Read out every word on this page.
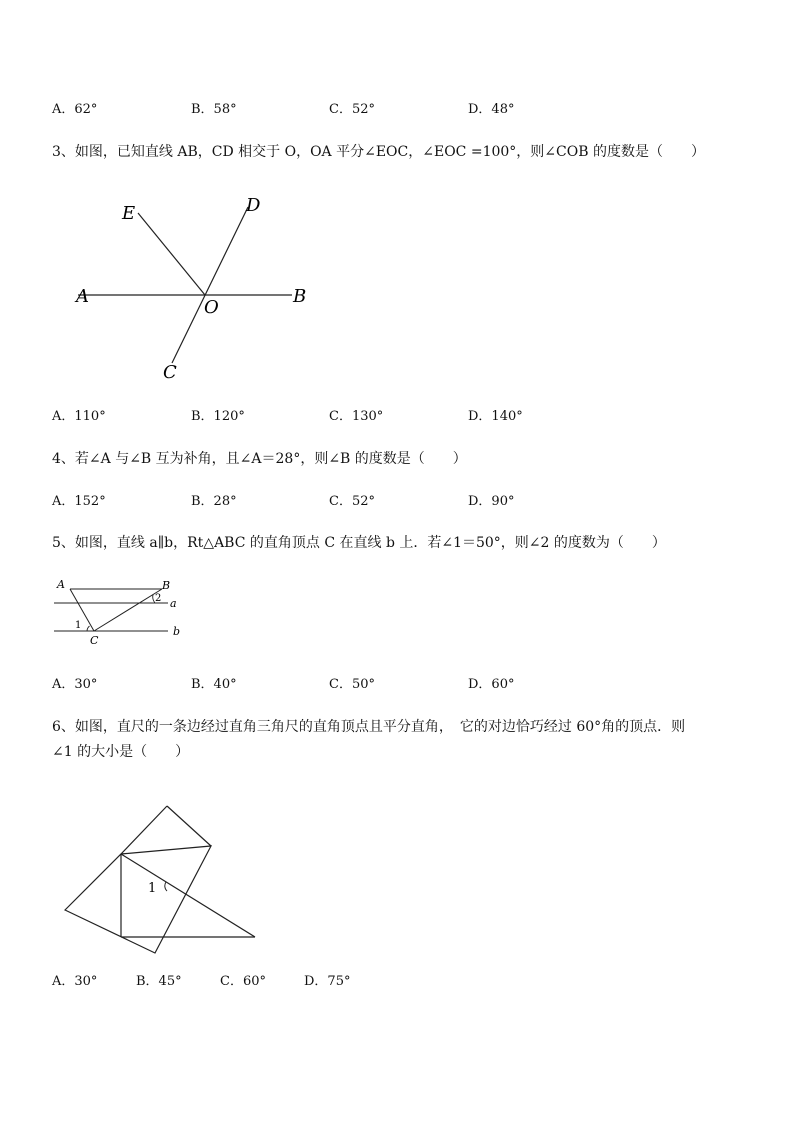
A．62°	B．58°	C．52°	D．48°
3、如图，已知直线 AB，CD 相交于 O，OA 平分∠EOC，∠EOC =100°，则∠COB 的度数是（　　）
A	B
C
D
E
O
A．110°	B．120°	C．130°	D．140°
4、若∠A 与∠B 互为补角，且∠A＝28°，则∠B 的度数是（　　）
A．152°	B．28°	C．52°	D．90°
5、如图，直线 a∥b，Rt△ABC 的直角顶点 C 在直线 b 上．若∠1＝50°，则∠2 的度数为（　　）
A	B
C
a
b
1
2
A．30°	B．40°	C．50°	D．60°
6、如图，直尺的一条边经过直角三角尺的直角顶点且平分直角，　它的对边恰巧经过 60°角的顶点．则
∠1 的大小是（　　）
1
A．30°	B．45°	C．60°	D．75°
